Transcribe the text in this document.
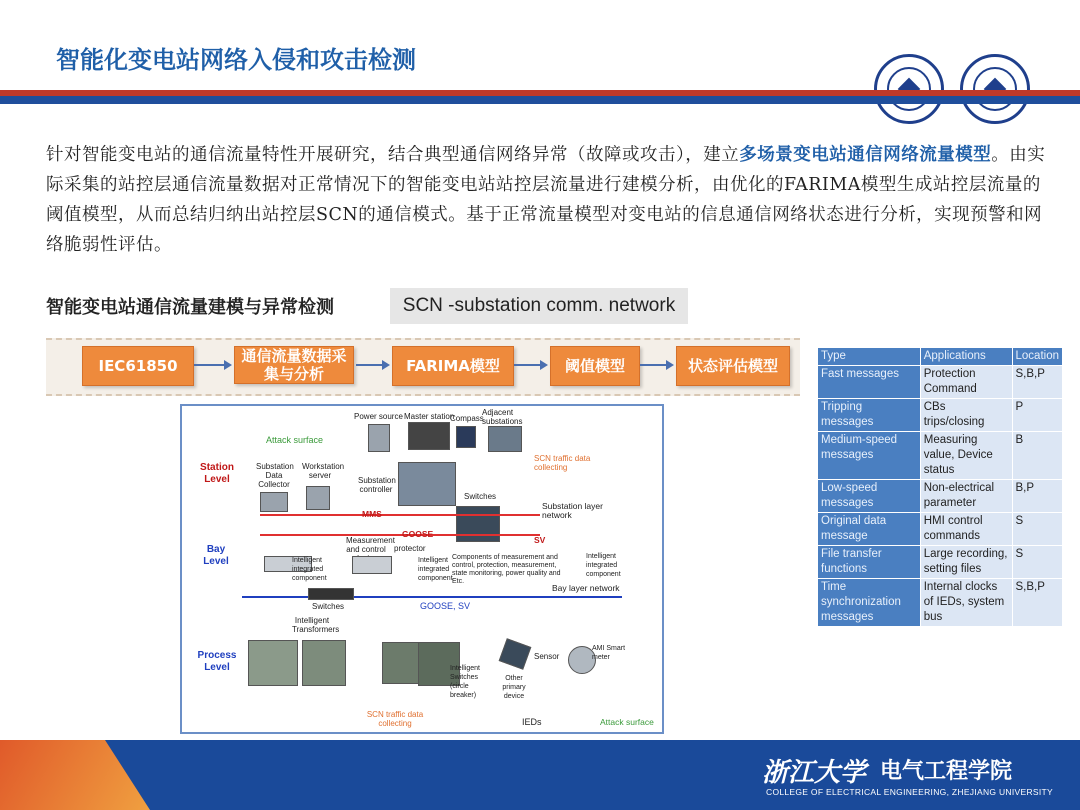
智能化变电站网络入侵和攻击检测
针对智能变电站的通信流量特性开展研究，结合典型通信网络异常（故障或攻击），建立多场景变电站通信网络流量模型。由实际采集的站控层通信流量数据对正常情况下的智能变电站站控层流量进行建模分析，由优化的FARIMA模型生成站控层流量的阈值模型，从而总结归纳出站控层SCN的通信模式。基于正常流量模型对变电站的信息通信网络状态进行分析，实现预警和网络脆弱性评估。
智能变电站通信流量建模与异常检测	SCN -substation comm. network
IEC61850
通信流量数据采集与分析	FARIMA模型	阈值模型	状态评估模型
Station Level
Bay Level
Process Level
Power source Master station
Compass
Adjacent substations
Attack surface
Substation Data Collector
Workstation server
Substation controller
SCN traffic data collecting
Substation layer network
Switches
MMS
GOOSE
SV
Measurement and control protector
Components of measurement and control, protection, measurement, state monitoring, power quality and Etc.
Intelligent integrated component
Intelligent integrated component
Intelligent integrated component
Bay layer network
GOOSE, SV
Switches
Intelligent Transformers
Intelligent Switches (circle breaker)
Sensor
Other primary device
AMI Smart meter
IEDs	Attack surface
SCN traffic data collecting
Type	Applications	Location
Fast messages	Protection Command	S,B,P
Tripping messages	CBs trips/closing	P
Medium-speed messages	Measuring value, Device status	B
Low-speed messages	Non-electrical parameter	B,P
Original data message	HMI control commands	S
File transfer functions	Large recording, setting files	S
Time synchronization messages	Internal clocks of IEDs, system bus	S,B,P
浙江大学 电气工程学院
COLLEGE OF ELECTRICAL ENGINEERING, ZHEJIANG UNIVERSITY
